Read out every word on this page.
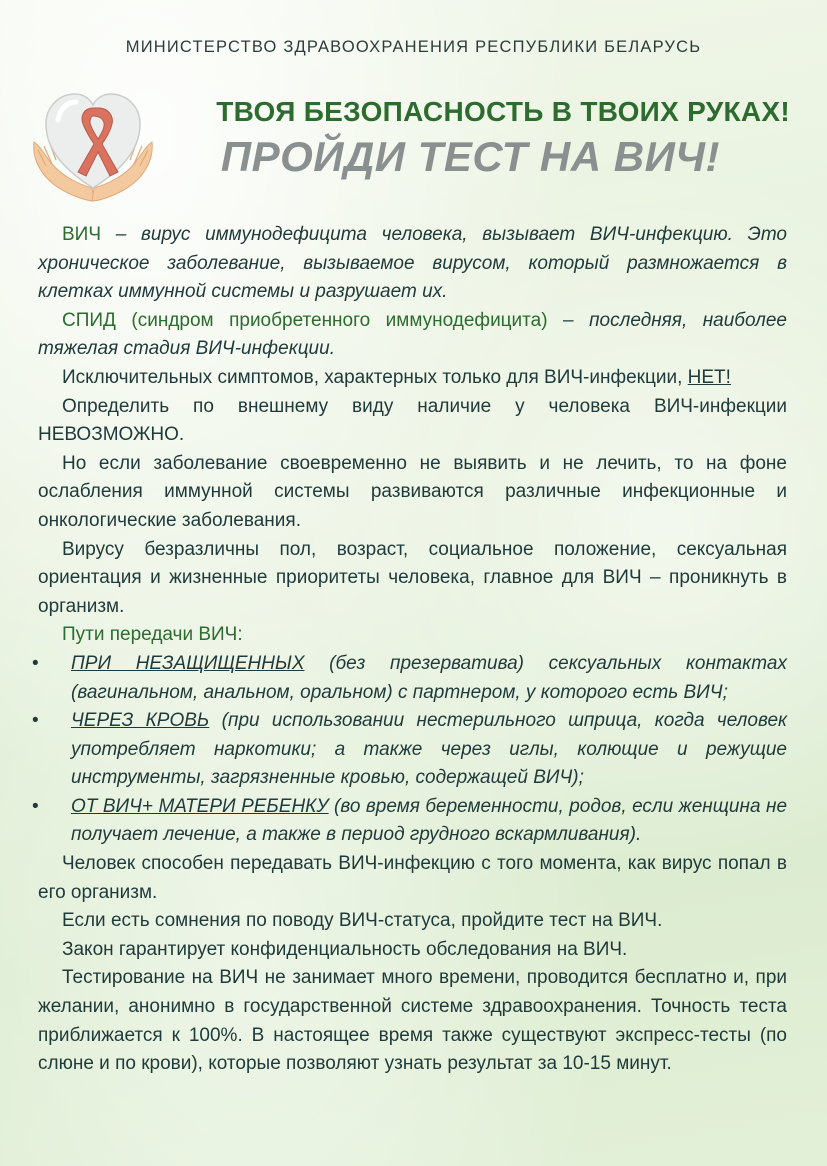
МИНИСТЕРСТВО ЗДРАВООХРАНЕНИЯ РЕСПУБЛИКИ БЕЛАРУСЬ
ТВОЯ БЕЗОПАСНОСТЬ В ТВОИХ РУКАХ!
ПРОЙДИ ТЕСТ НА ВИЧ!

ВИЧ – вирус иммунодефицита человека, вызывает ВИЧ-инфекцию. Это хроническое заболевание, вызываемое вирусом, который размножается в клетках иммунной системы и разрушает их.

СПИД (синдром приобретенного иммунодефицита) – последняя, наиболее тяжелая стадия ВИЧ-инфекции.

Исключительных симптомов, характерных только для ВИЧ-инфекции, НЕТ!

Определить по внешнему виду наличие у человека ВИЧ-инфекции НЕВОЗМОЖНО.

Но если заболевание своевременно не выявить и не лечить, то на фоне ослабления иммунной системы развиваются различные инфекционные и онкологические заболевания.

Вирусу безразличны пол, возраст, социальное положение, сексуальная ориентация и жизненные приоритеты человека, главное для ВИЧ – проникнуть в организм.

Пути передачи ВИЧ:

• ПРИ НЕЗАЩИЩЕННЫХ (без презерватива) сексуальных контактах (вагинальном, анальном, оральном) с партнером, у которого есть ВИЧ;
• ЧЕРЕЗ КРОВЬ (при использовании нестерильного шприца, когда человек употребляет наркотики; а также через иглы, колющие и режущие инструменты, загрязненные кровью, содержащей ВИЧ);
• ОТ ВИЧ+ МАТЕРИ РЕБЕНКУ (во время беременности, родов, если женщина не получает лечение, а также в период грудного вскармливания).

Человек способен передавать ВИЧ-инфекцию с того момента, как вирус попал в его организм.

Если есть сомнения по поводу ВИЧ-статуса, пройдите тест на ВИЧ.

Закон гарантирует конфиденциальность обследования на ВИЧ.

Тестирование на ВИЧ не занимает много времени, проводится бесплатно и, при желании, анонимно в государственной системе здравоохранения. Точность теста приближается к 100%. В настоящее время также существуют экспресс-тесты (по слюне и по крови), которые позволяют узнать результат за 10-15 минут.
